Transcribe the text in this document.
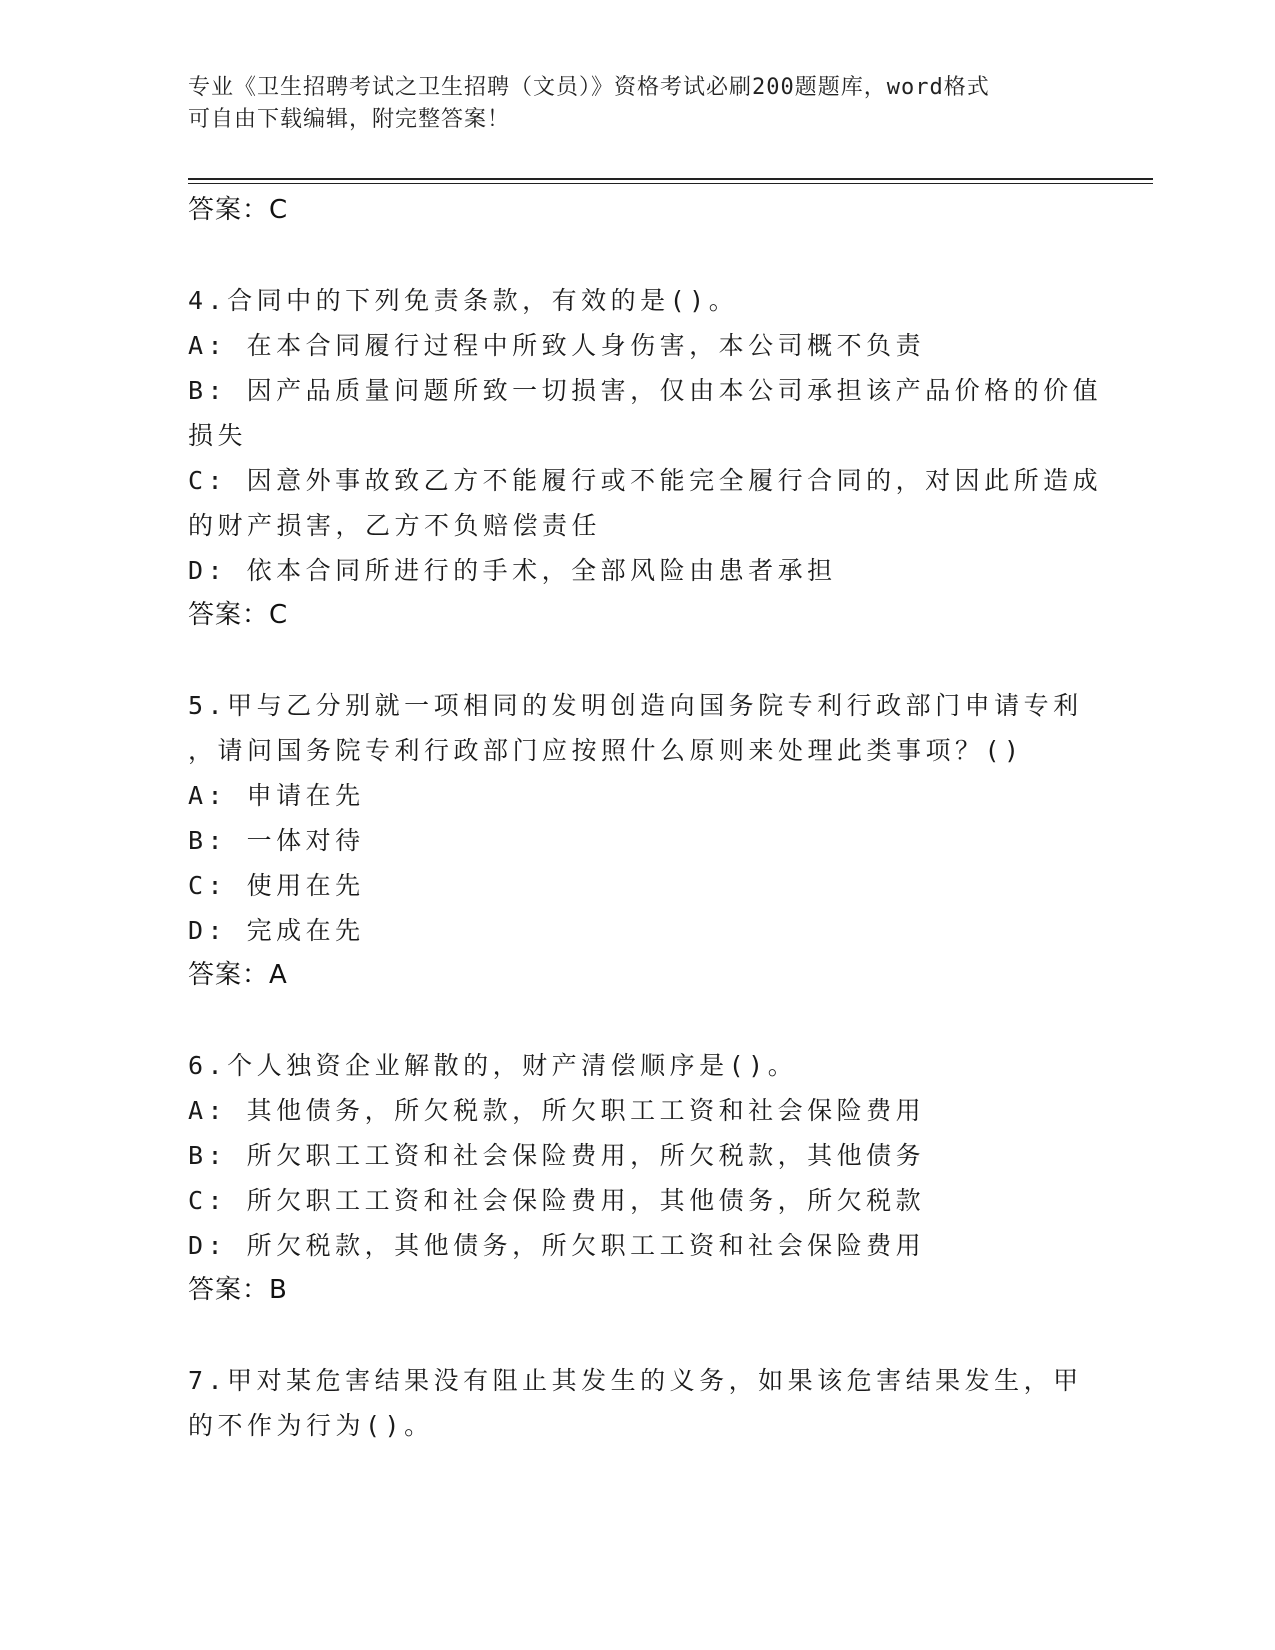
专业《卫生招聘考试之卫生招聘（文员）》资格考试必刷200题题库，word格式
可自由下载编辑，附完整答案！
答案：C
4.合同中的下列免责条款，有效的是()。
A: 在本合同履行过程中所致人身伤害，本公司概不负责
B: 因产品质量问题所致一切损害，仅由本公司承担该产品价格的价值
损失
C: 因意外事故致乙方不能履行或不能完全履行合同的，对因此所造成
的财产损害，乙方不负赔偿责任
D: 依本合同所进行的手术，全部风险由患者承担
答案：C
5.甲与乙分别就一项相同的发明创造向国务院专利行政部门申请专利
，请问国务院专利行政部门应按照什么原则来处理此类事项？()
A: 申请在先
B: 一体对待
C: 使用在先
D: 完成在先
答案：A
6.个人独资企业解散的，财产清偿顺序是()。
A: 其他债务，所欠税款，所欠职工工资和社会保险费用
B: 所欠职工工资和社会保险费用，所欠税款，其他债务
C: 所欠职工工资和社会保险费用，其他债务，所欠税款
D: 所欠税款，其他债务，所欠职工工资和社会保险费用
答案：B
7.甲对某危害结果没有阻止其发生的义务，如果该危害结果发生，甲
的不作为行为()。
